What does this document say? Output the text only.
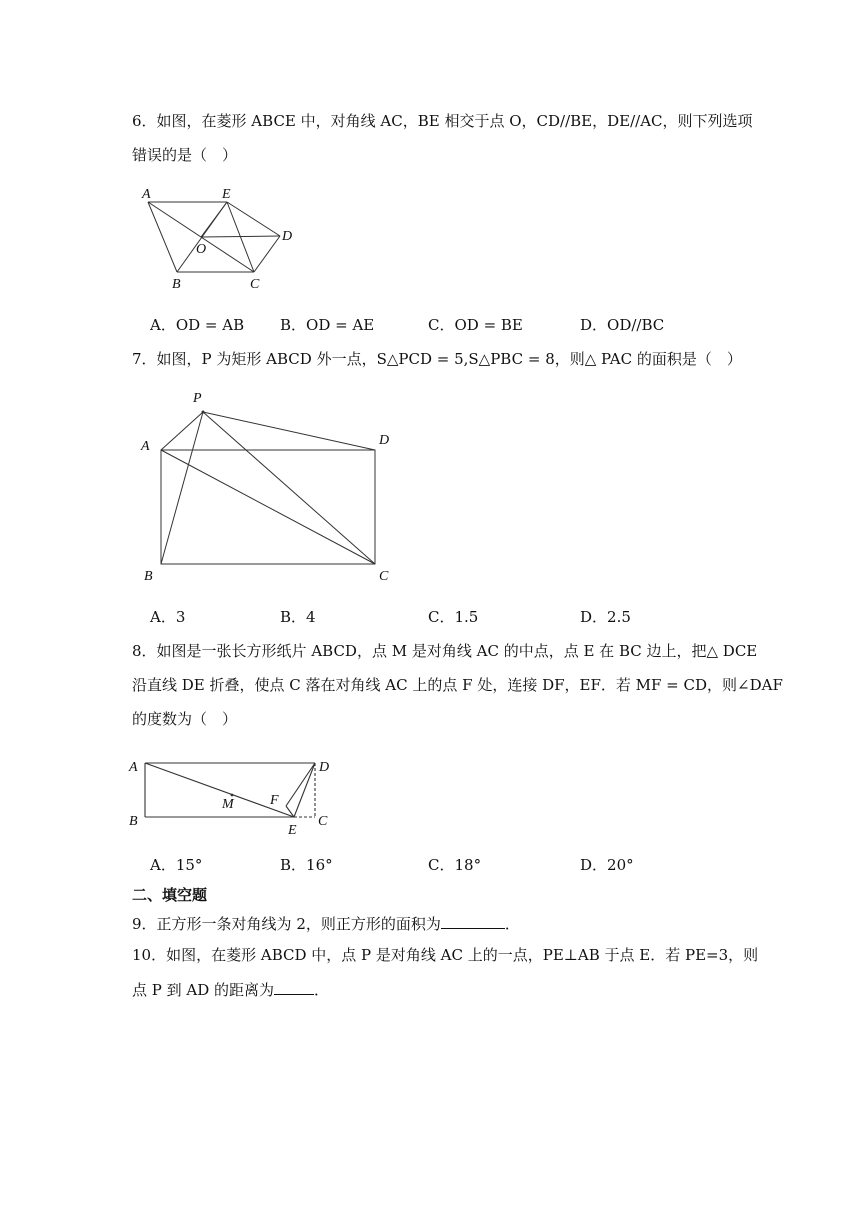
6．如图，在菱形 ABCE 中，对角线 AC，BE 相交于点 O，CD//BE，DE//AC，则下列选项
错误的是（　）
A	E
D
O
B	C
A．OD = AB B．OD = AE	C．OD = BE	D．OD//BC
7．如图，P 为矩形 ABCD 外一点，S△PCD = 5,S△PBC = 8，则△ PAC 的面积是（　）
P
A	D
B	C
A．3	B．4	C．1.5	D．2.5
8．如图是一张长方形纸片 ABCD，点 M 是对角线 AC 的中点，点 E 在 BC 边上，把△ DCE
沿直线 DE 折叠，使点 C 落在对角线 AC 上的点 F 处，连接 DF，EF．若 MF = CD，则∠DAF
的度数为（　）
A	D
M	F
B
E
C
A．15°	B．16°	C．18°	D．20°
二、填空题
9．正方形一条对角线为 2，则正方形的面积为	．
10．如图，在菱形 ABCD 中，点 P 是对角线 AC 上的一点，PE⊥AB 于点 E．若 PE=3，则
点 P 到 AD 的距离为	．
